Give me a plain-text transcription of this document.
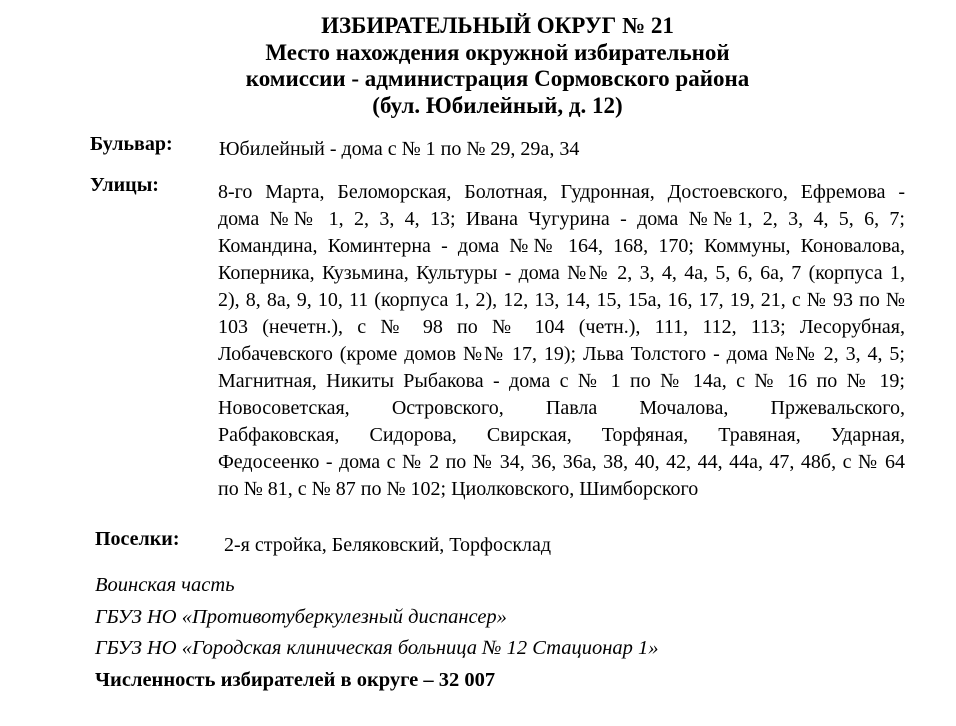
ИЗБИРАТЕЛЬНЫЙ ОКРУГ № 21
Место нахождения окружной избирательной
комиссии - администрация Сормовского района
(бул. Юбилейный, д. 12)
Бульвар: Юбилейный - дома с № 1 по № 29, 29а, 34
Улицы:	8-го Марта, Беломорская, Болотная, Гудронная, Достоевского, Ефремова -
дома №№ 1, 2, 3, 4, 13; Ивана Чугурина - дома №№1, 2, 3, 4, 5, 6, 7;
Командина, Коминтерна - дома №№ 164, 168, 170; Коммуны, Коновалова,
Коперника, Кузьмина, Культуры - дома №№ 2, 3, 4, 4а, 5, 6, 6а, 7 (корпуса 1,
2), 8, 8а, 9, 10, 11 (корпуса 1, 2), 12, 13, 14, 15, 15а, 16, 17, 19, 21, с № 93 по №
103 (нечетн.), с № 98 по № 104 (четн.), 111, 112, 113; Лесорубная,
Лобачевского (кроме домов №№ 17, 19); Льва Толстого - дома №№ 2, 3, 4, 5;
Магнитная, Никиты Рыбакова - дома с № 1 по № 14а, с № 16 по № 19;
Новосоветская, Островского, Павла Мочалова, Пржевальского,
Рабфаковская, Сидорова, Свирская, Торфяная, Травяная, Ударная,
Федосеенко - дома с № 2 по № 34, 36, 36а, 38, 40, 42, 44, 44а, 47, 48б, с № 64
по № 81, с № 87 по № 102; Циолковского, Шимборского
Поселки: 2-я стройка, Беляковский, Торфосклад
Воинская часть
ГБУЗ НО «Противотуберкулезный диспансер»
ГБУЗ НО «Городская клиническая больница № 12 Стационар 1»
Численность избирателей в округе – 32 007
